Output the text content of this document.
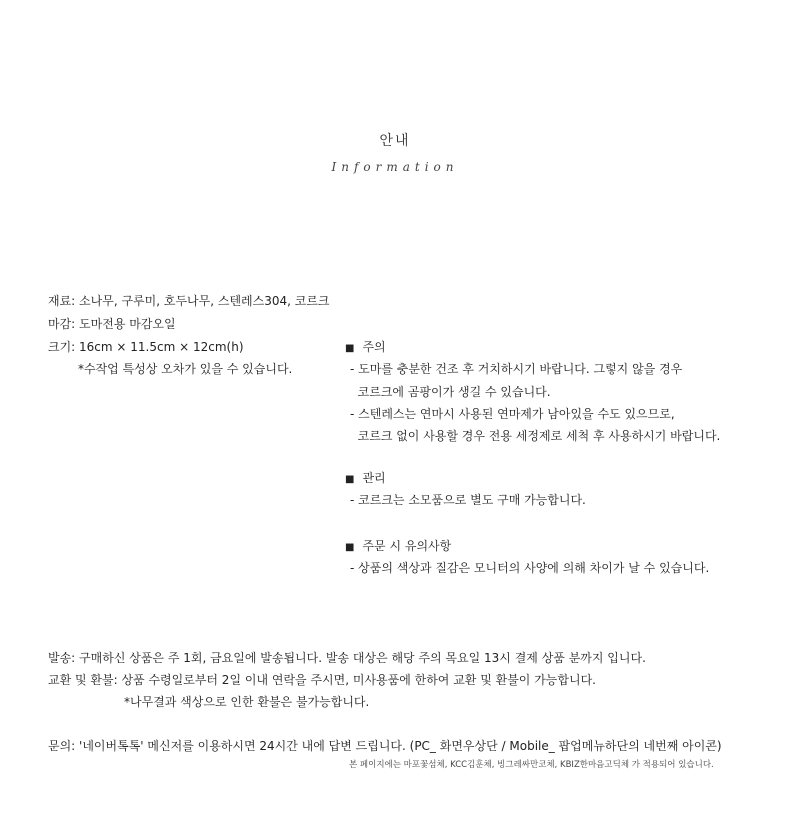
안내
Information
재료: 소나무, 구루미, 호두나무, 스텐레스304, 코르크
마감: 도마전용 마감오일
크기: 16cm × 11.5cm × 12cm(h)
*수작업 특성상 오차가 있을 수 있습니다.
■ 주의
- 도마를 충분한 건조 후 거치하시기 바랍니다. 그렇지 않을 경우
코르크에 곰팡이가 생길 수 있습니다.
- 스텐레스는 연마시 사용된 연마제가 남아있을 수도 있으므로,
코르크 없이 사용할 경우 전용 세정제로 세척 후 사용하시기 바랍니다.
■ 관리
- 코르크는 소모품으로 별도 구매 가능합니다.
■ 주문 시 유의사항
- 상품의 색상과 질감은 모니터의 사양에 의해 차이가 날 수 있습니다.
발송: 구매하신 상품은 주 1회, 금요일에 발송됩니다. 발송 대상은 해당 주의 목요일 13시 결제 상품 분까지 입니다.
교환 및 환불: 상품 수령일로부터 2일 이내 연락을 주시면, 미사용품에 한하여 교환 및 환불이 가능합니다.
*나무결과 색상으로 인한 환불은 불가능합니다.
문의: '네이버톡톡' 메신저를 이용하시면 24시간 내에 답변 드립니다. (PC_ 화면우상단 / Mobile_ 팝업메뉴하단의 네번째 아이콘)
본 페이지에는 마포꽃섬체, KCC김훈체, 빙그레싸만코체, KBIZ한마음고딕체 가 적용되어 있습니다.
